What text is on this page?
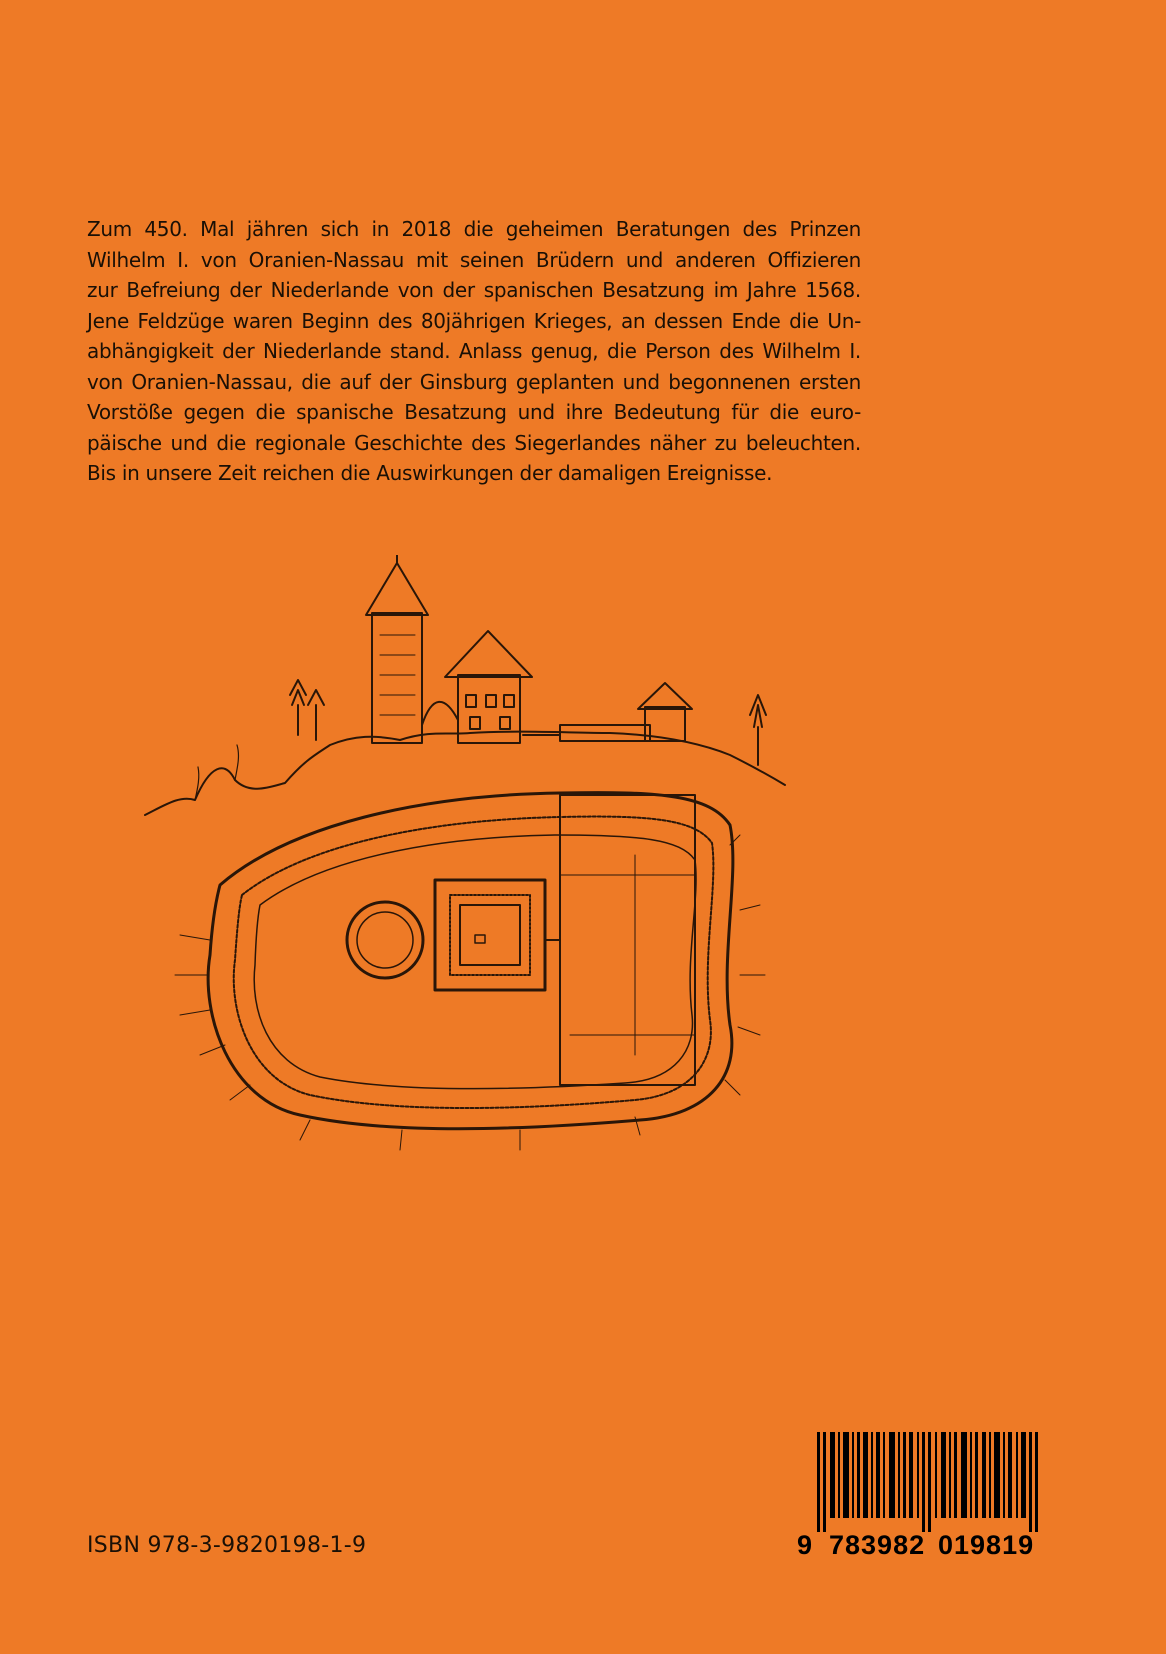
Zum 450. Mal jähren sich in 2018 die geheimen Beratungen des Prinzen
Wilhelm I. von Oranien-Nassau mit seinen Brüdern und anderen Offizieren
zur Befreiung der Niederlande von der spanischen Besatzung im Jahre 1568.
Jene Feldzüge waren Beginn des 80jährigen Krieges, an dessen Ende die Un-
abhängigkeit der Niederlande stand. Anlass genug, die Person des Wilhelm I.
von Oranien-Nassau, die auf der Ginsburg geplanten und begonnenen ersten
Vorstöße gegen die spanische Besatzung und ihre Bedeutung für die euro-
päische und die regionale Geschichte des Siegerlandes näher zu beleuchten.
Bis in unsere Zeit reichen die Auswirkungen der damaligen Ereignisse.
ISBN 978-3-9820198-1-9	9 783982 019819
